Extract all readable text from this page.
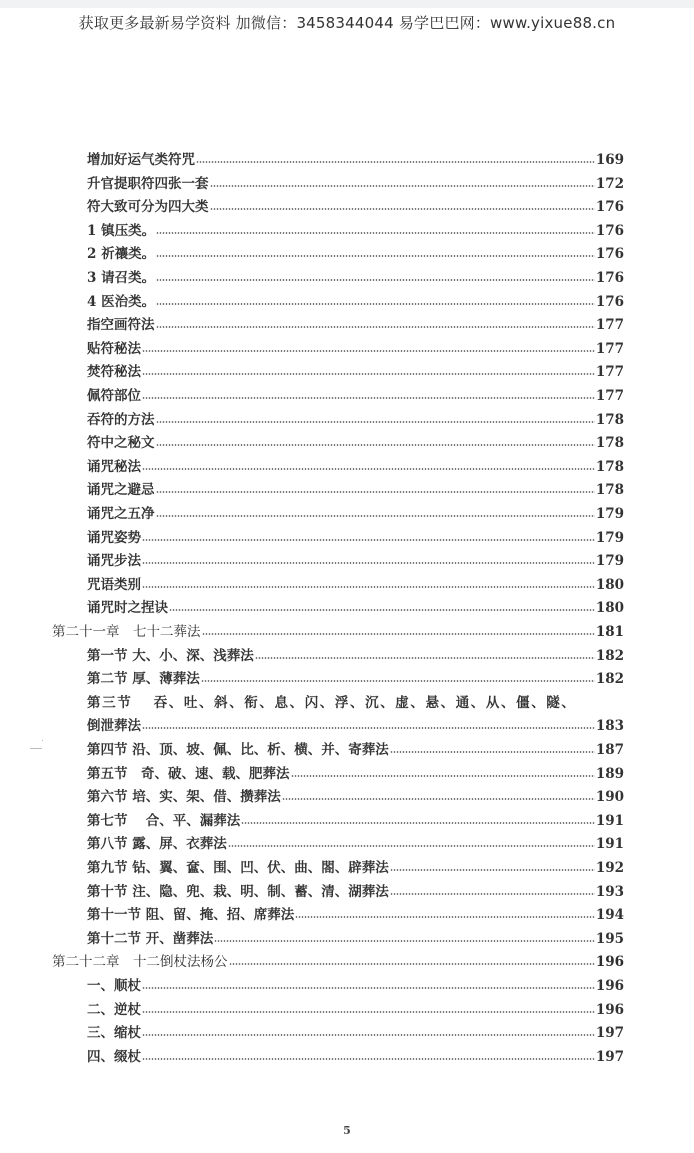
获取更多最新易学资料 加微信：3458344044 易学巴巴网：www.yixue88.cn
增加好运气类符咒	169
升官提职符四张一套	172
符大致可分为四大类	176
1 镇压类。	176
2 祈禳类。	176
3 请召类。	176
4 医治类。	176
指空画符法	177
贴符秘法	177
焚符秘法	177
佩符部位	177
吞符的方法	178
符中之秘文	178
诵咒秘法	178
诵咒之避忌	178
诵咒之五净	179
诵咒姿势	179
诵咒步法	179
咒语类别	180
诵咒时之捏诀	180
第二十一章　七十二葬法	181
第一节 大、小、深、浅葬法	182
第二节 厚、薄葬法	182
第三节　 吞、吐、斜、衔、息、闪、浮、沉、虚、悬、通、从、僵、隧、
倒泄葬法	183
第四节 沿、顶、坡、佩、比、析、横、并、寄葬法	187
第五节　奇、破、速、载、肥葬法	189
第六节 培、实、架、借、攒葬法	190
第七节　 合、平、漏葬法	191
第八节 露、屏、衣葬法	191
第九节 钻、翼、奩、围、凹、伏、曲、閤、辟葬法	192
第十节 注、隐、兜、栽、明、制、蓄、清、湖葬法	193
第十一节 阻、留、掩、招、席葬法	194
第十二节 开、凿葬法	195
第二十二章　十二倒杖法杨公	196
一、顺杖	196
二、逆杖	196
三、缩杖	197
四、缀杖	197
5
